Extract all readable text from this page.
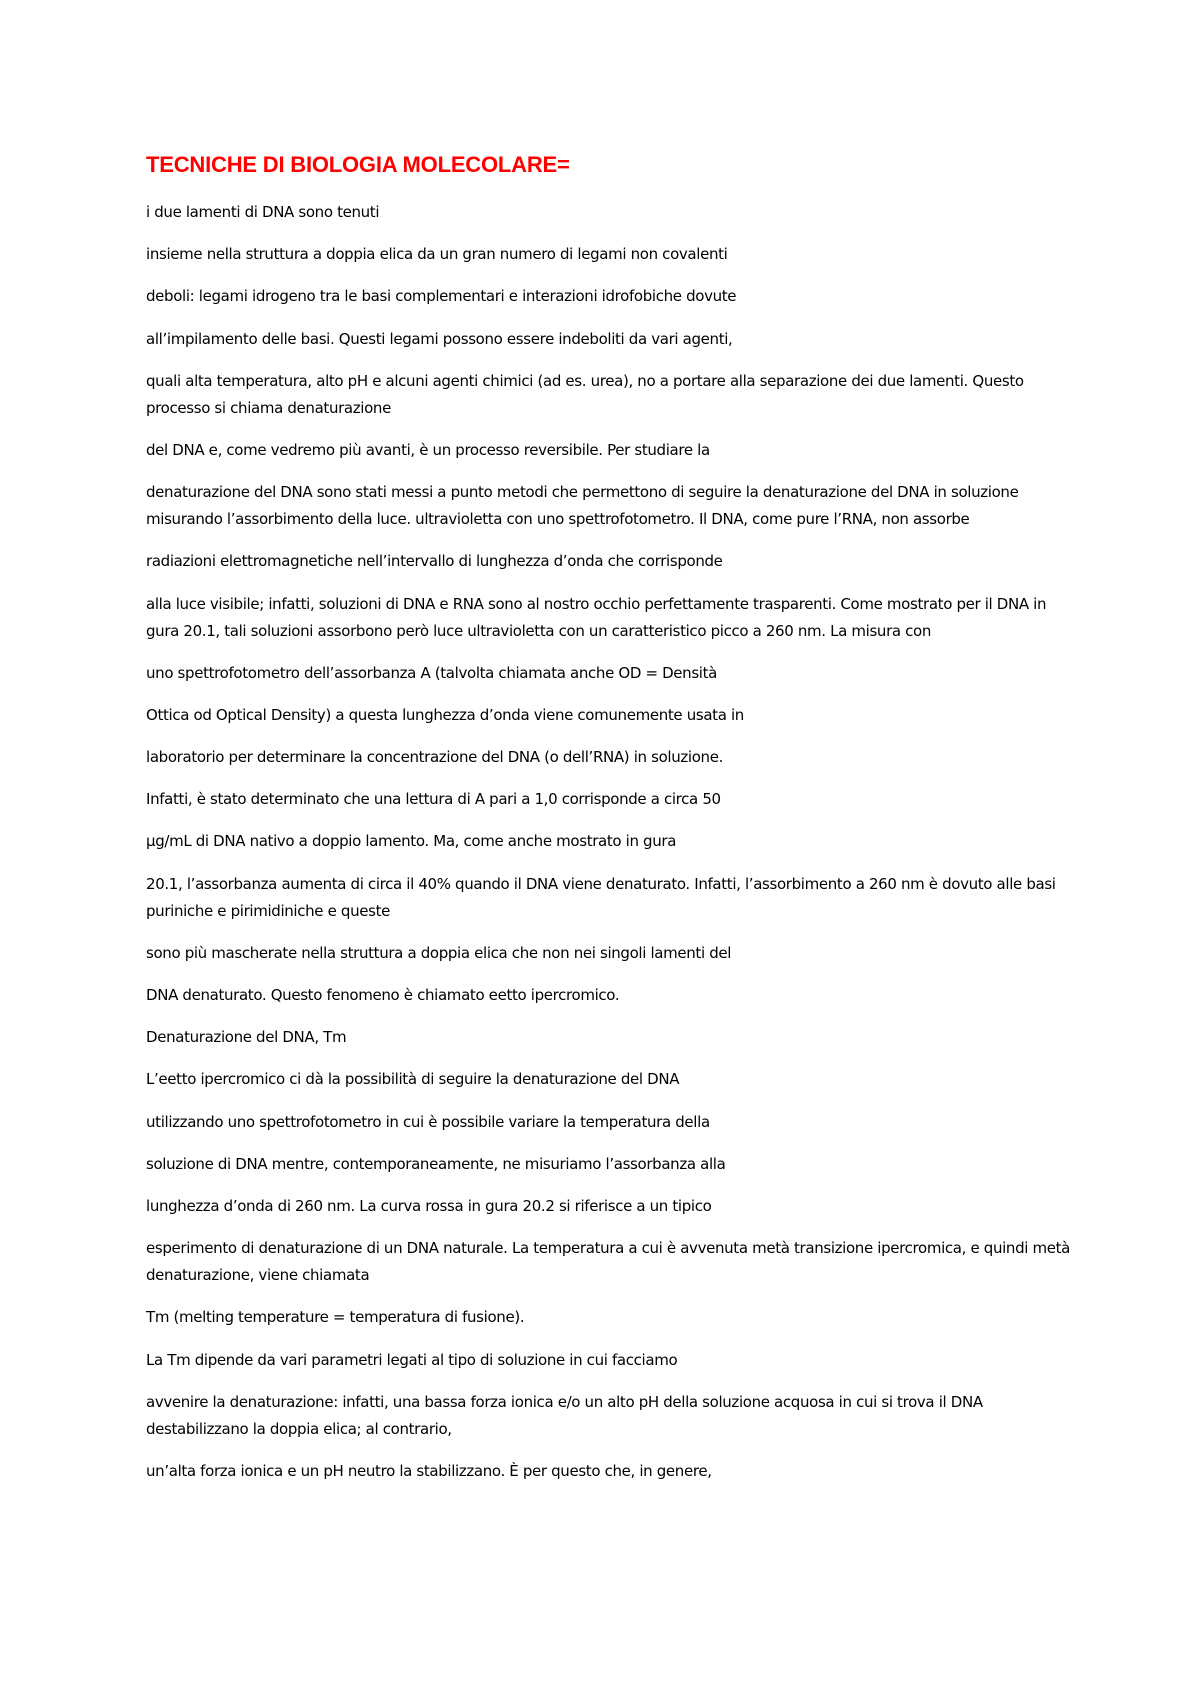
TECNICHE DI BIOLOGIA MOLECOLARE=

i due lamenti di DNA sono tenuti

insieme nella struttura a doppia elica da un gran numero di legami non covalenti

deboli: legami idrogeno tra le basi complementari e interazioni idrofobiche dovute

all’impilamento delle basi. Questi legami possono essere indeboliti da vari agenti,

quali alta temperatura, alto pH e alcuni agenti chimici (ad es. urea), no a portare alla separazione dei due lamenti. Questo processo si chiama denaturazione

del DNA e, come vedremo più avanti, è un processo reversibile. Per studiare la

denaturazione del DNA sono stati messi a punto metodi che permettono di seguire la denaturazione del DNA in soluzione misurando l’assorbimento della luce. ultravioletta con uno spettrofotometro. Il DNA, come pure l’RNA, non assorbe

radiazioni elettromagnetiche nell’intervallo di lunghezza d’onda che corrisponde

alla luce visibile; infatti, soluzioni di DNA e RNA sono al nostro occhio perfettamente trasparenti. Come mostrato per il DNA in gura 20.1, tali soluzioni assorbono però luce ultravioletta con un caratteristico picco a 260 nm. La misura con

uno spettrofotometro dell’assorbanza A (talvolta chiamata anche OD = Densità

Ottica od Optical Density) a questa lunghezza d’onda viene comunemente usata in

laboratorio per determinare la concentrazione del DNA (o dell’RNA) in soluzione.

Infatti, è stato determinato che una lettura di A pari a 1,0 corrisponde a circa 50

µg/mL di DNA nativo a doppio lamento. Ma, come anche mostrato in gura

20.1, l’assorbanza aumenta di circa il 40% quando il DNA viene denaturato. Infatti, l’assorbimento a 260 nm è dovuto alle basi puriniche e pirimidiniche e queste

sono più mascherate nella struttura a doppia elica che non nei singoli lamenti del

DNA denaturato. Questo fenomeno è chiamato eetto ipercromico.

Denaturazione del DNA, Tm

L’eetto ipercromico ci dà la possibilità di seguire la denaturazione del DNA

utilizzando uno spettrofotometro in cui è possibile variare la temperatura della

soluzione di DNA mentre, contemporaneamente, ne misuriamo l’assorbanza alla

lunghezza d’onda di 260 nm. La curva rossa in gura 20.2 si riferisce a un tipico

esperimento di denaturazione di un DNA naturale. La temperatura a cui è avvenuta metà transizione ipercromica, e quindi metà denaturazione, viene chiamata

Tm (melting temperature = temperatura di fusione).

La Tm dipende da vari parametri legati al tipo di soluzione in cui facciamo

avvenire la denaturazione: infatti, una bassa forza ionica e/o un alto pH della soluzione acquosa in cui si trova il DNA destabilizzano la doppia elica; al contrario,

un’alta forza ionica e un pH neutro la stabilizzano. È per questo che, in genere,
